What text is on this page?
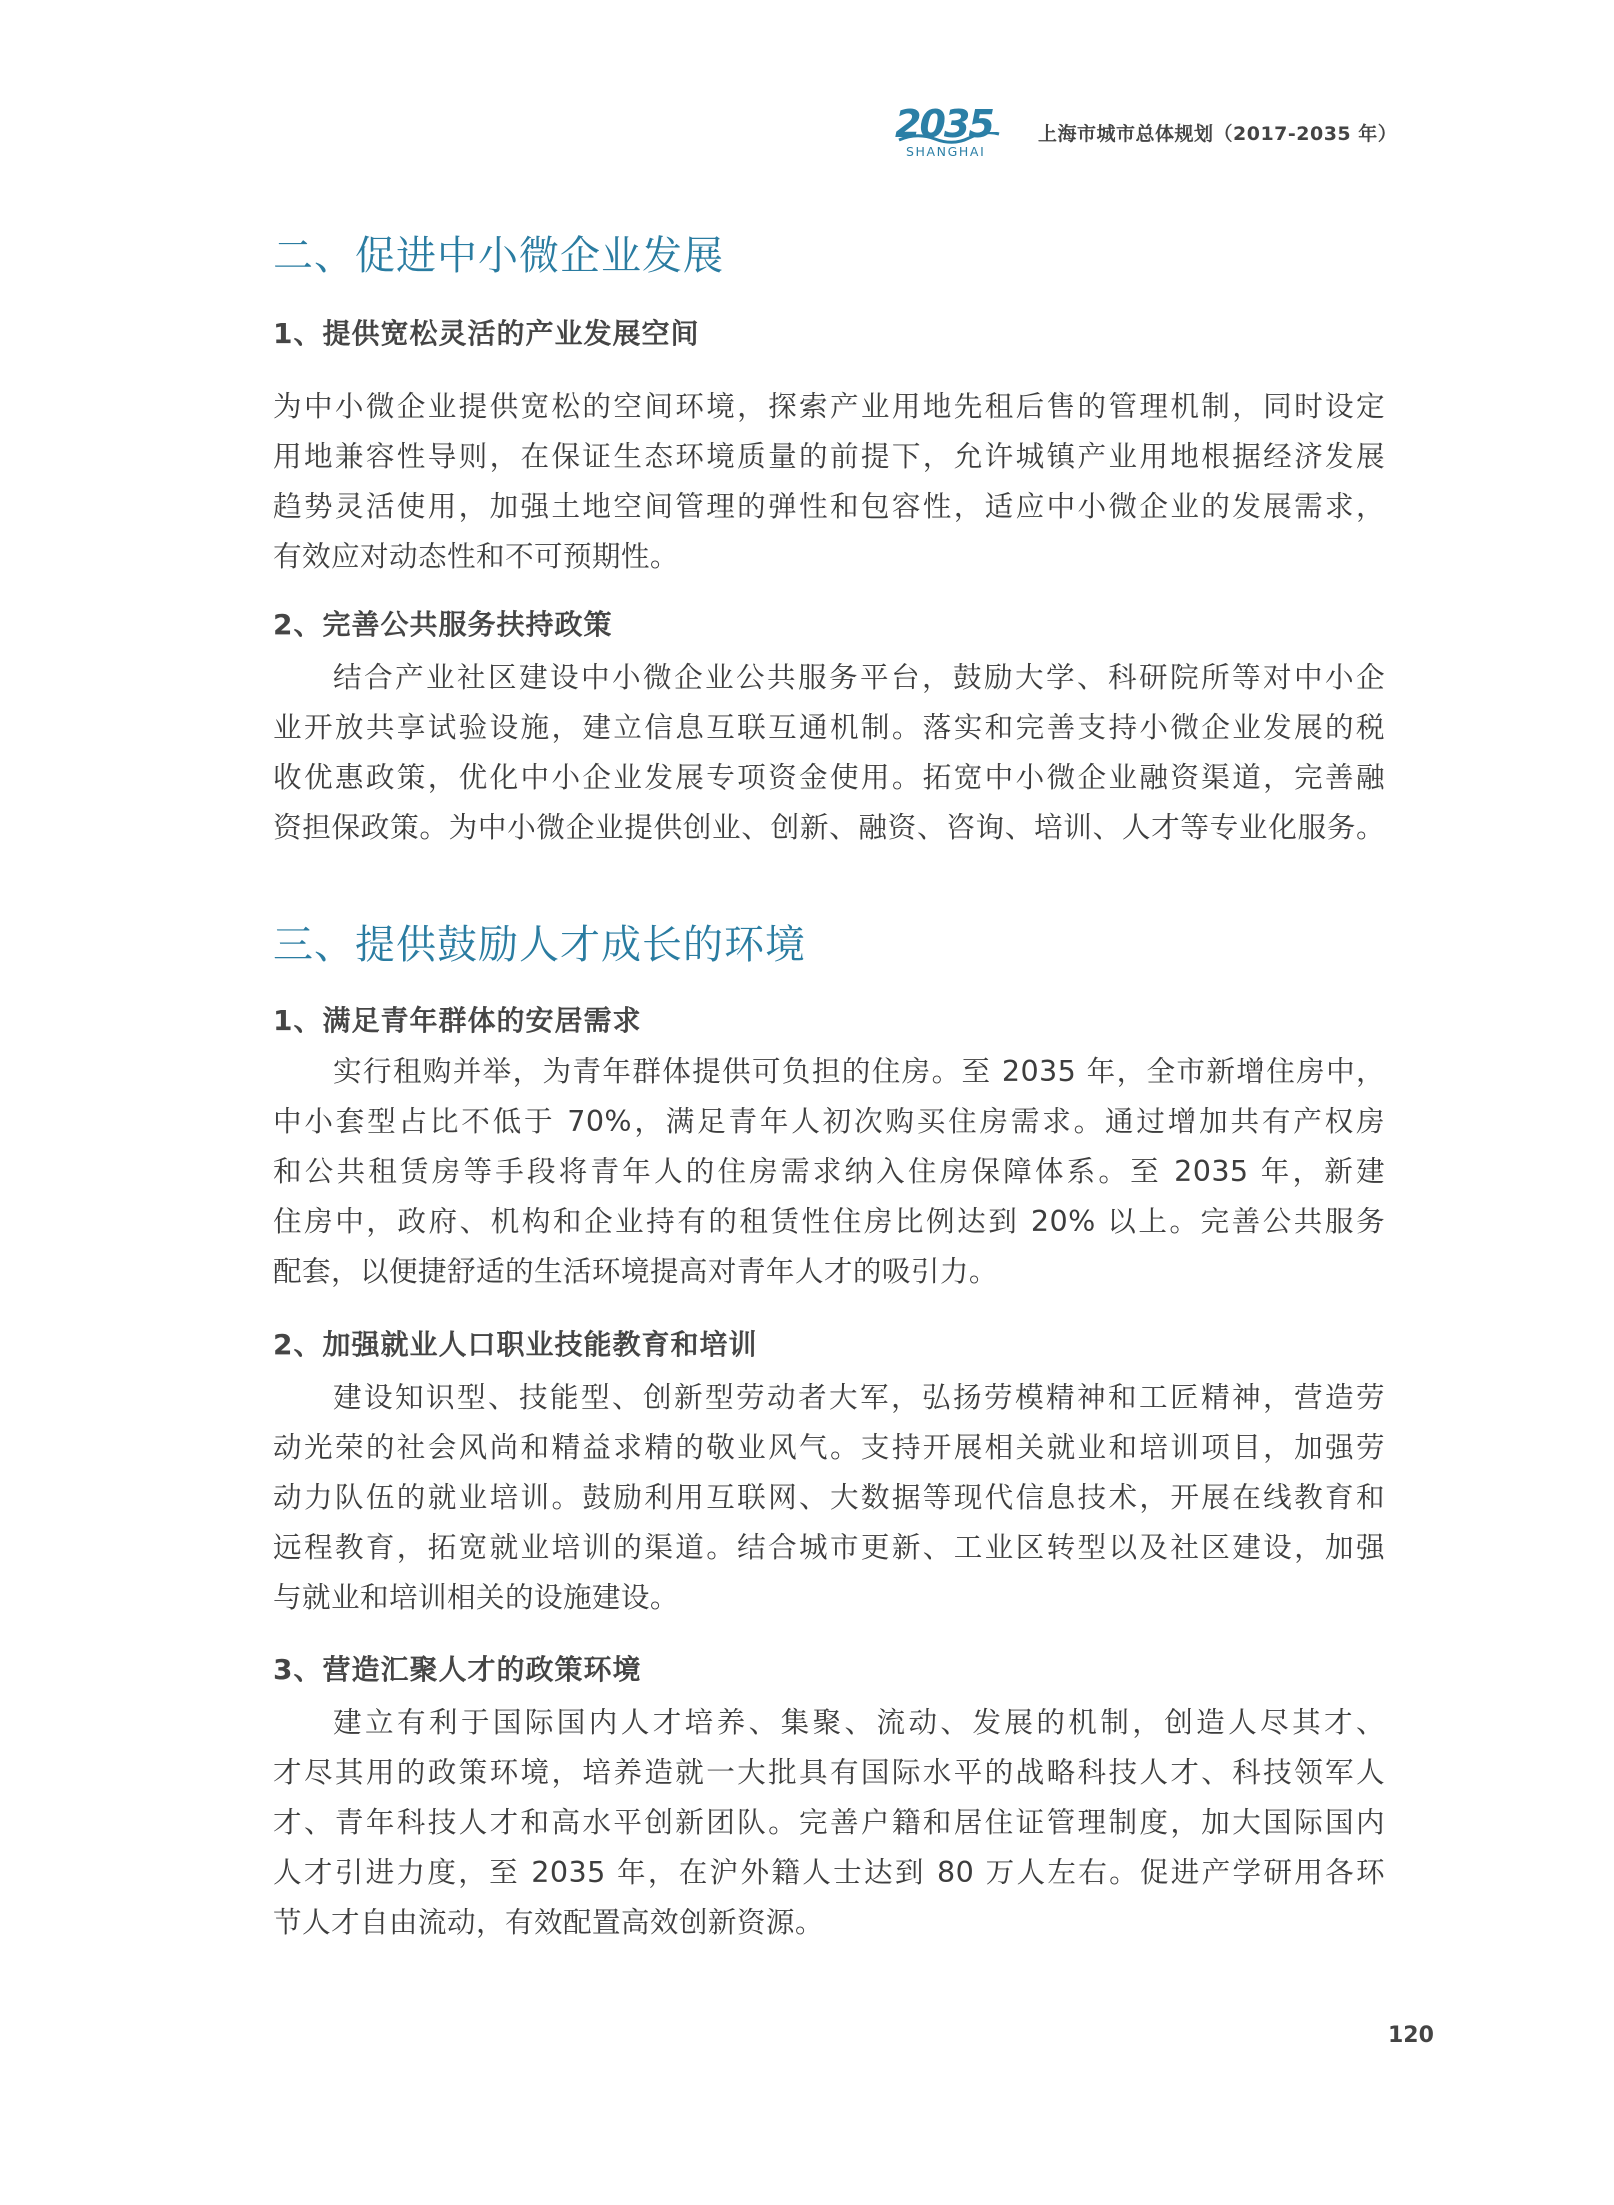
2035
SHANGHAI
上海市城市总体规划（2017-2035 年）
二、促进中小微企业发展
1、提供宽松灵活的产业发展空间
为中小微企业提供宽松的空间环境，探索产业用地先租后售的管理机制，同时设定
用地兼容性导则，在保证生态环境质量的前提下，允许城镇产业用地根据经济发展
趋势灵活使用，加强土地空间管理的弹性和包容性，适应中小微企业的发展需求，
有效应对动态性和不可预期性。
2、完善公共服务扶持政策
结合产业社区建设中小微企业公共服务平台，鼓励大学、科研院所等对中小企
业开放共享试验设施，建立信息互联互通机制。落实和完善支持小微企业发展的税
收优惠政策，优化中小企业发展专项资金使用。拓宽中小微企业融资渠道，完善融
资担保政策。为中小微企业提供创业、创新、融资、咨询、培训、人才等专业化服务。
三、提供鼓励人才成长的环境
1、满足青年群体的安居需求
实行租购并举，为青年群体提供可负担的住房。至 2035 年，全市新增住房中，
中小套型占比不低于 70%，满足青年人初次购买住房需求。通过增加共有产权房
和公共租赁房等手段将青年人的住房需求纳入住房保障体系。至 2035 年，新建
住房中，政府、机构和企业持有的租赁性住房比例达到 20% 以上。完善公共服务
配套，以便捷舒适的生活环境提高对青年人才的吸引力。
2、加强就业人口职业技能教育和培训
建设知识型、技能型、创新型劳动者大军，弘扬劳模精神和工匠精神，营造劳
动光荣的社会风尚和精益求精的敬业风气。支持开展相关就业和培训项目，加强劳
动力队伍的就业培训。鼓励利用互联网、大数据等现代信息技术，开展在线教育和
远程教育，拓宽就业培训的渠道。结合城市更新、工业区转型以及社区建设，加强
与就业和培训相关的设施建设。
3、营造汇聚人才的政策环境
建立有利于国际国内人才培养、集聚、流动、发展的机制，创造人尽其才、
才尽其用的政策环境，培养造就一大批具有国际水平的战略科技人才、科技领军人
才、青年科技人才和高水平创新团队。完善户籍和居住证管理制度，加大国际国内
人才引进力度，至 2035 年，在沪外籍人士达到 80 万人左右。促进产学研用各环
节人才自由流动，有效配置高效创新资源。
120
